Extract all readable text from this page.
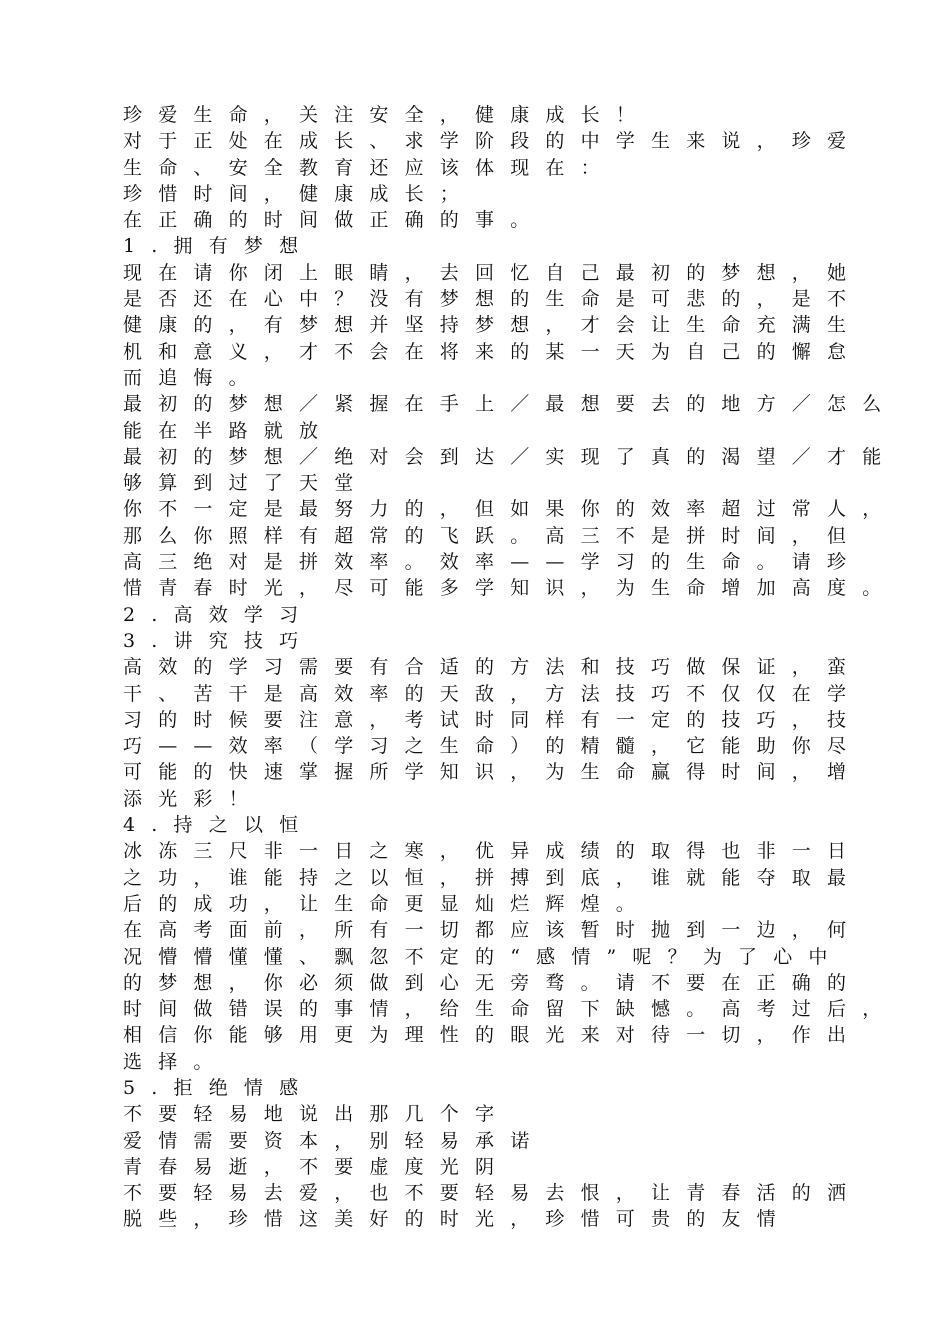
珍爱生命，关注安全，健康成长！
对于正处在成长、求学阶段的中学生来说，珍爱
生命、安全教育还应该体现在：
珍惜时间，健康成长；
在正确的时间做正确的事。
1.拥有梦想
现在请你闭上眼睛，去回忆自己最初的梦想，她
是否还在心中？没有梦想的生命是可悲的，是不
健康的，有梦想并坚持梦想，才会让生命充满生
机和意义，才不会在将来的某一天为自己的懈怠
而追悔。
最初的梦想／紧握在手上／最想要去的地方／怎么
能在半路就放
最初的梦想／绝对会到达／实现了真的渴望／才能
够算到过了天堂
你不一定是最努力的，但如果你的效率超过常人，
那么你照样有超常的飞跃。高三不是拼时间，但
高三绝对是拼效率。效率——学习的生命。请珍
惜青春时光，尽可能多学知识，为生命增加高度。
2.高效学习
3.讲究技巧
高效的学习需要有合适的方法和技巧做保证，蛮
干、苦干是高效率的天敌，方法技巧不仅仅在学
习的时候要注意，考试时同样有一定的技巧，技
巧——效率（学习之生命）的精髓，它能助你尽
可能的快速掌握所学知识，为生命赢得时间，增
添光彩！
4.持之以恒
冰冻三尺非一日之寒，优异成绩的取得也非一日
之功，谁能持之以恒，拼搏到底，谁就能夺取最
后的成功，让生命更显灿烂辉煌。
在高考面前，所有一切都应该暂时抛到一边，何
况懵懵懂懂、飘忽不定的“感情”呢？为了心中
的梦想，你必须做到心无旁骛。请不要在正确的
时间做错误的事情，给生命留下缺憾。高考过后，
相信你能够用更为理性的眼光来对待一切，作出
选择。
5.拒绝情感
不要轻易地说出那几个字
爱情需要资本，别轻易承诺
青春易逝，不要虚度光阴
不要轻易去爱，也不要轻易去恨，让青春活的洒
脱些，珍惜这美好的时光，珍惜可贵的友情
